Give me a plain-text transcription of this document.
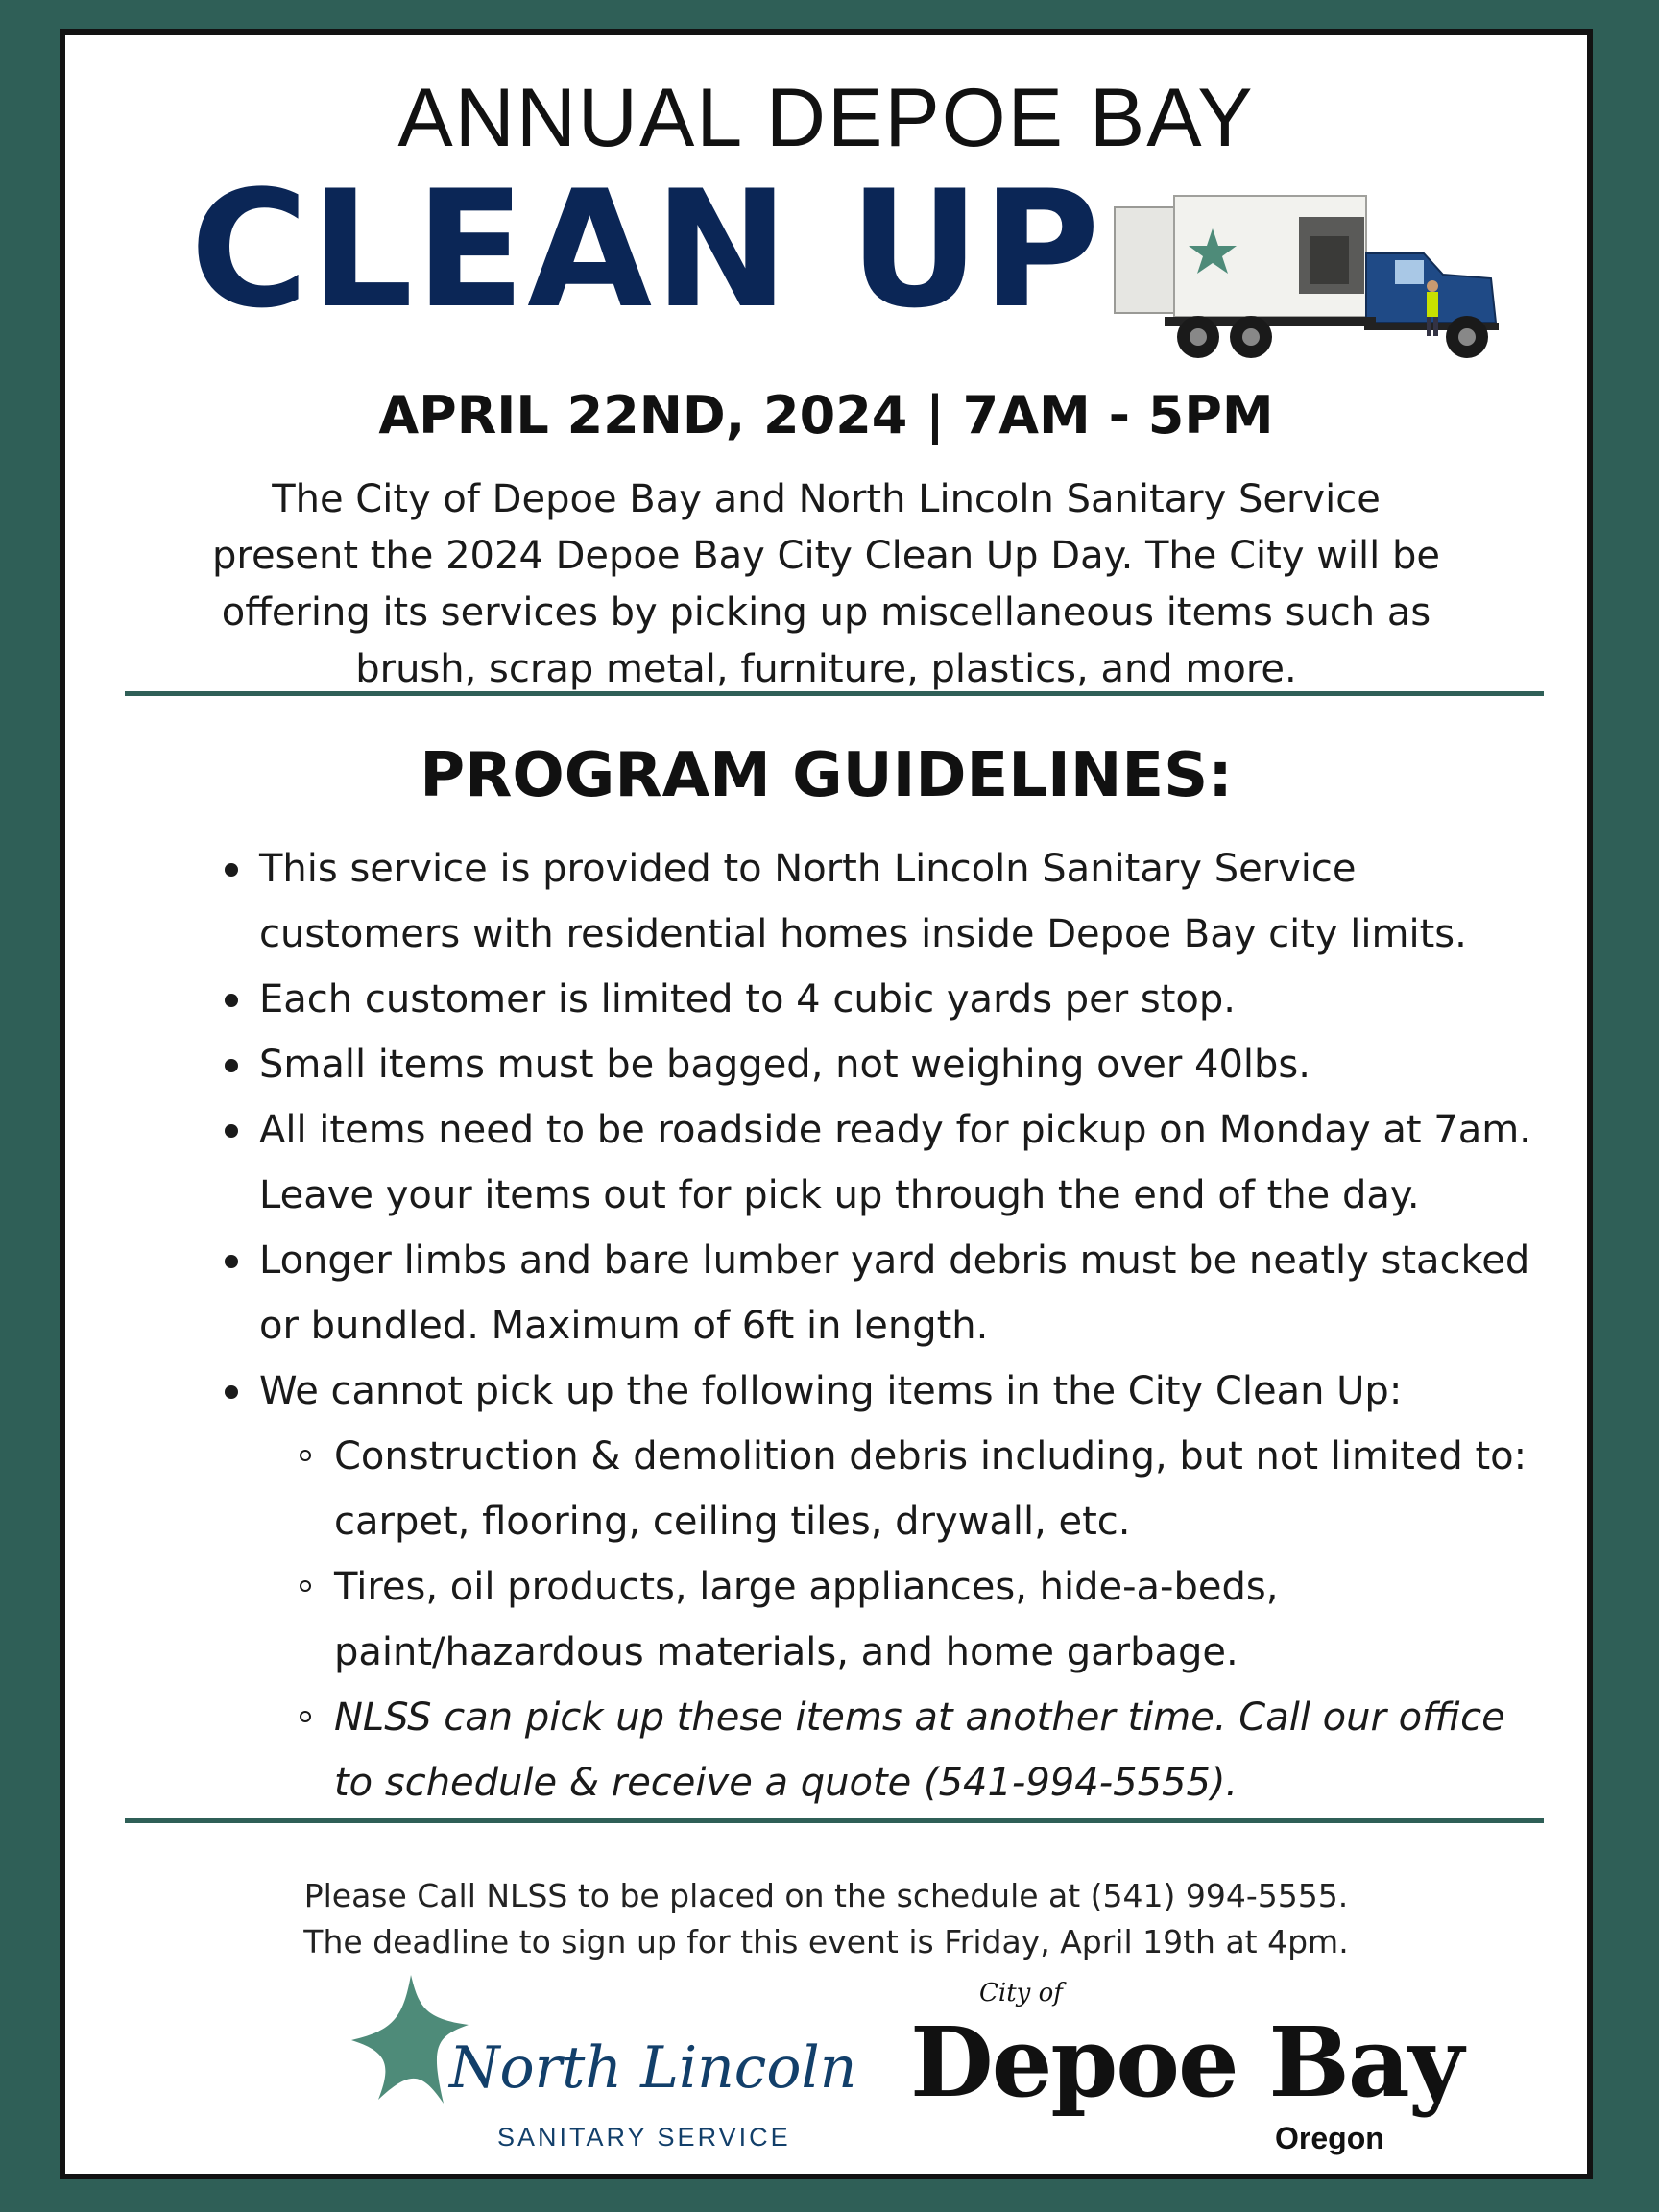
ANNUAL DEPOE BAY
CLEAN UP
APRIL 22ND, 2024 | 7AM - 5PM
The City of Depoe Bay and North Lincoln Sanitary Service present the 2024 Depoe Bay City Clean Up Day. The City will be offering its services by picking up miscellaneous items such as brush, scrap metal, furniture, plastics, and more.
PROGRAM GUIDELINES:
This service is provided to North Lincoln Sanitary Service customers with residential homes inside Depoe Bay city limits.
Each customer is limited to 4 cubic yards per stop.
Small items must be bagged, not weighing over 40lbs.
All items need to be roadside ready for pickup on Monday at 7am. Leave your items out for pick up through the end of the day.
Longer limbs and bare lumber yard debris must be neatly stacked or bundled. Maximum of 6ft in length.
We cannot pick up the following items in the City Clean Up:
Construction & demolition debris including, but not limited to: carpet, flooring, ceiling tiles, drywall, etc.
Tires, oil products, large appliances, hide-a-beds, paint/hazardous materials, and home garbage.
NLSS can pick up these items at another time. Call our office to schedule & receive a quote (541-994-5555).
Please Call NLSS to be placed on the schedule at (541) 994-5555.
The deadline to sign up for this event is Friday, April 19th at 4pm.
North Lincoln
SANITARY SERVICE
City of
Depoe Bay
Oregon
